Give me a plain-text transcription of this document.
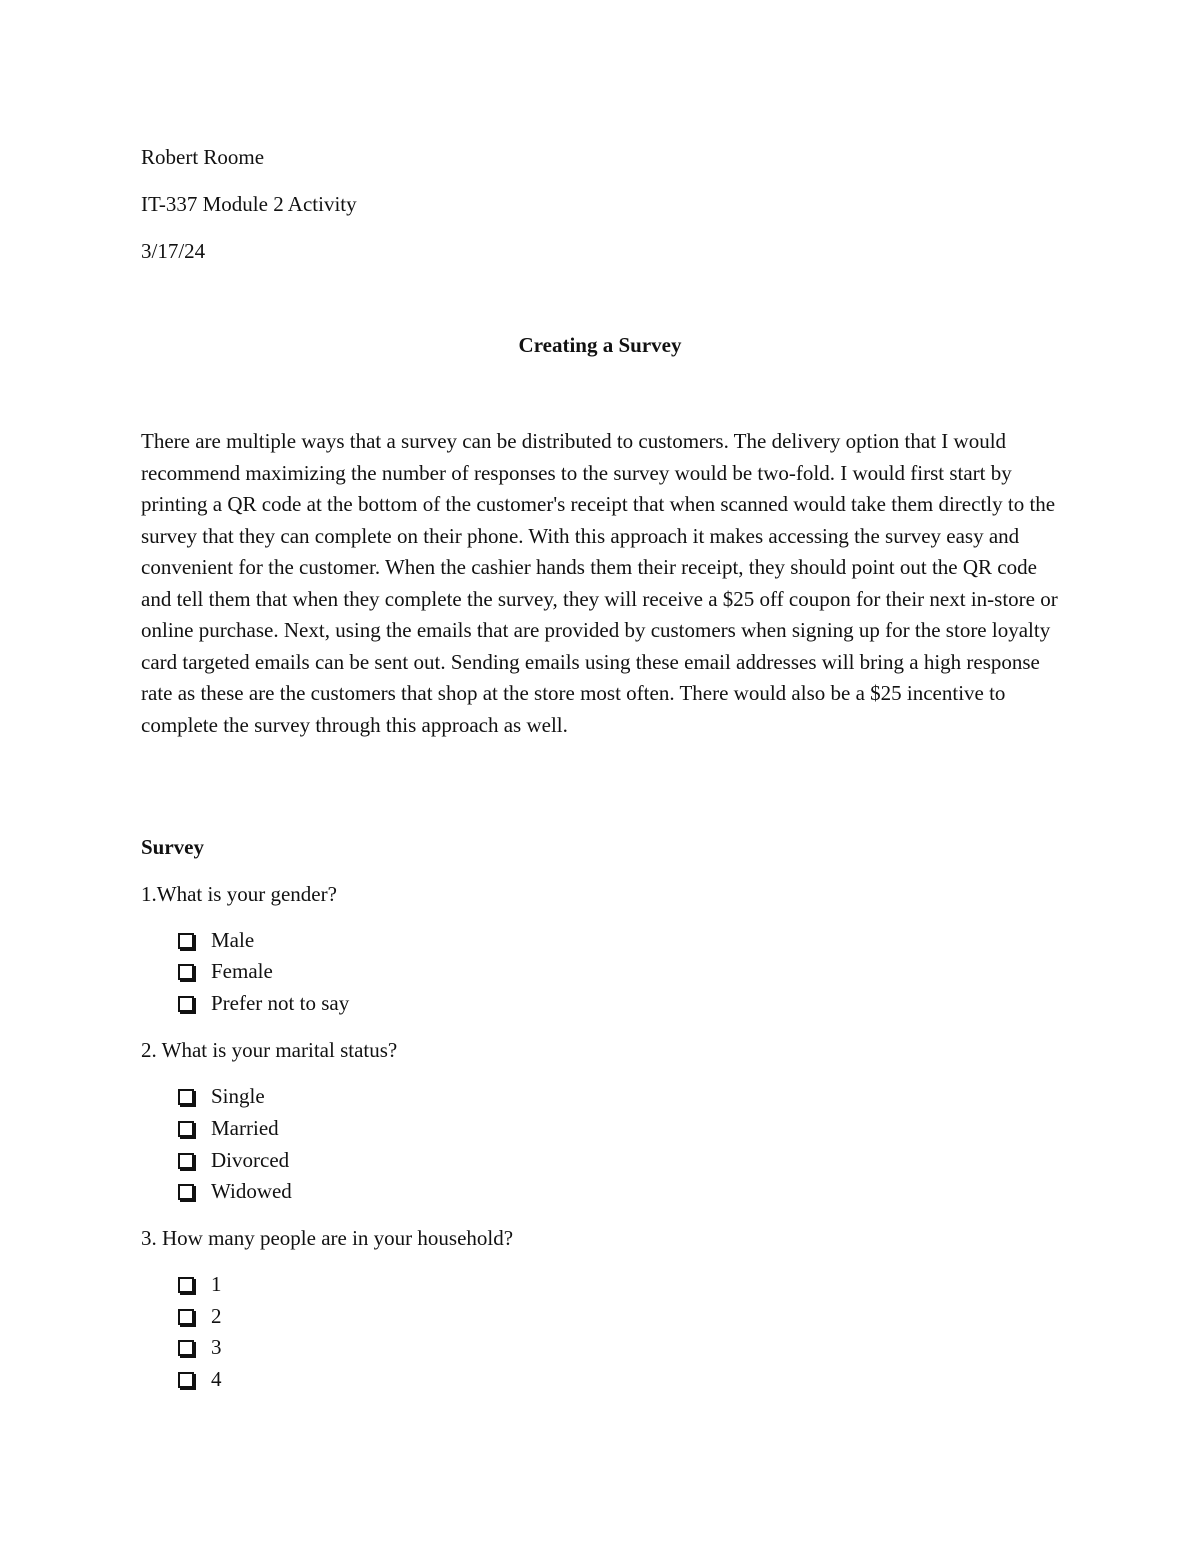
Robert Roome
IT-337 Module 2 Activity
3/17/24
Creating a Survey
There are multiple ways that a survey can be distributed to customers. The delivery option that I would recommend maximizing the number of responses to the survey would be two-fold. I would first start by printing a QR code at the bottom of the customer's receipt that when scanned would take them directly to the survey that they can complete on their phone. With this approach it makes accessing the survey easy and convenient for the customer. When the cashier hands them their receipt, they should point out the QR code and tell them that when they complete the survey, they will receive a $25 off coupon for their next in-store or online purchase. Next, using the emails that are provided by customers when signing up for the store loyalty card targeted emails can be sent out. Sending emails using these email addresses will bring a high response rate as these are the customers that shop at the store most often. There would also be a $25 incentive to complete the survey through this approach as well.
Survey
1.What is your gender?
Male
Female
Prefer not to say
2. What is your marital status?
Single
Married
Divorced
Widowed
3. How many people are in your household?
1
2
3
4
